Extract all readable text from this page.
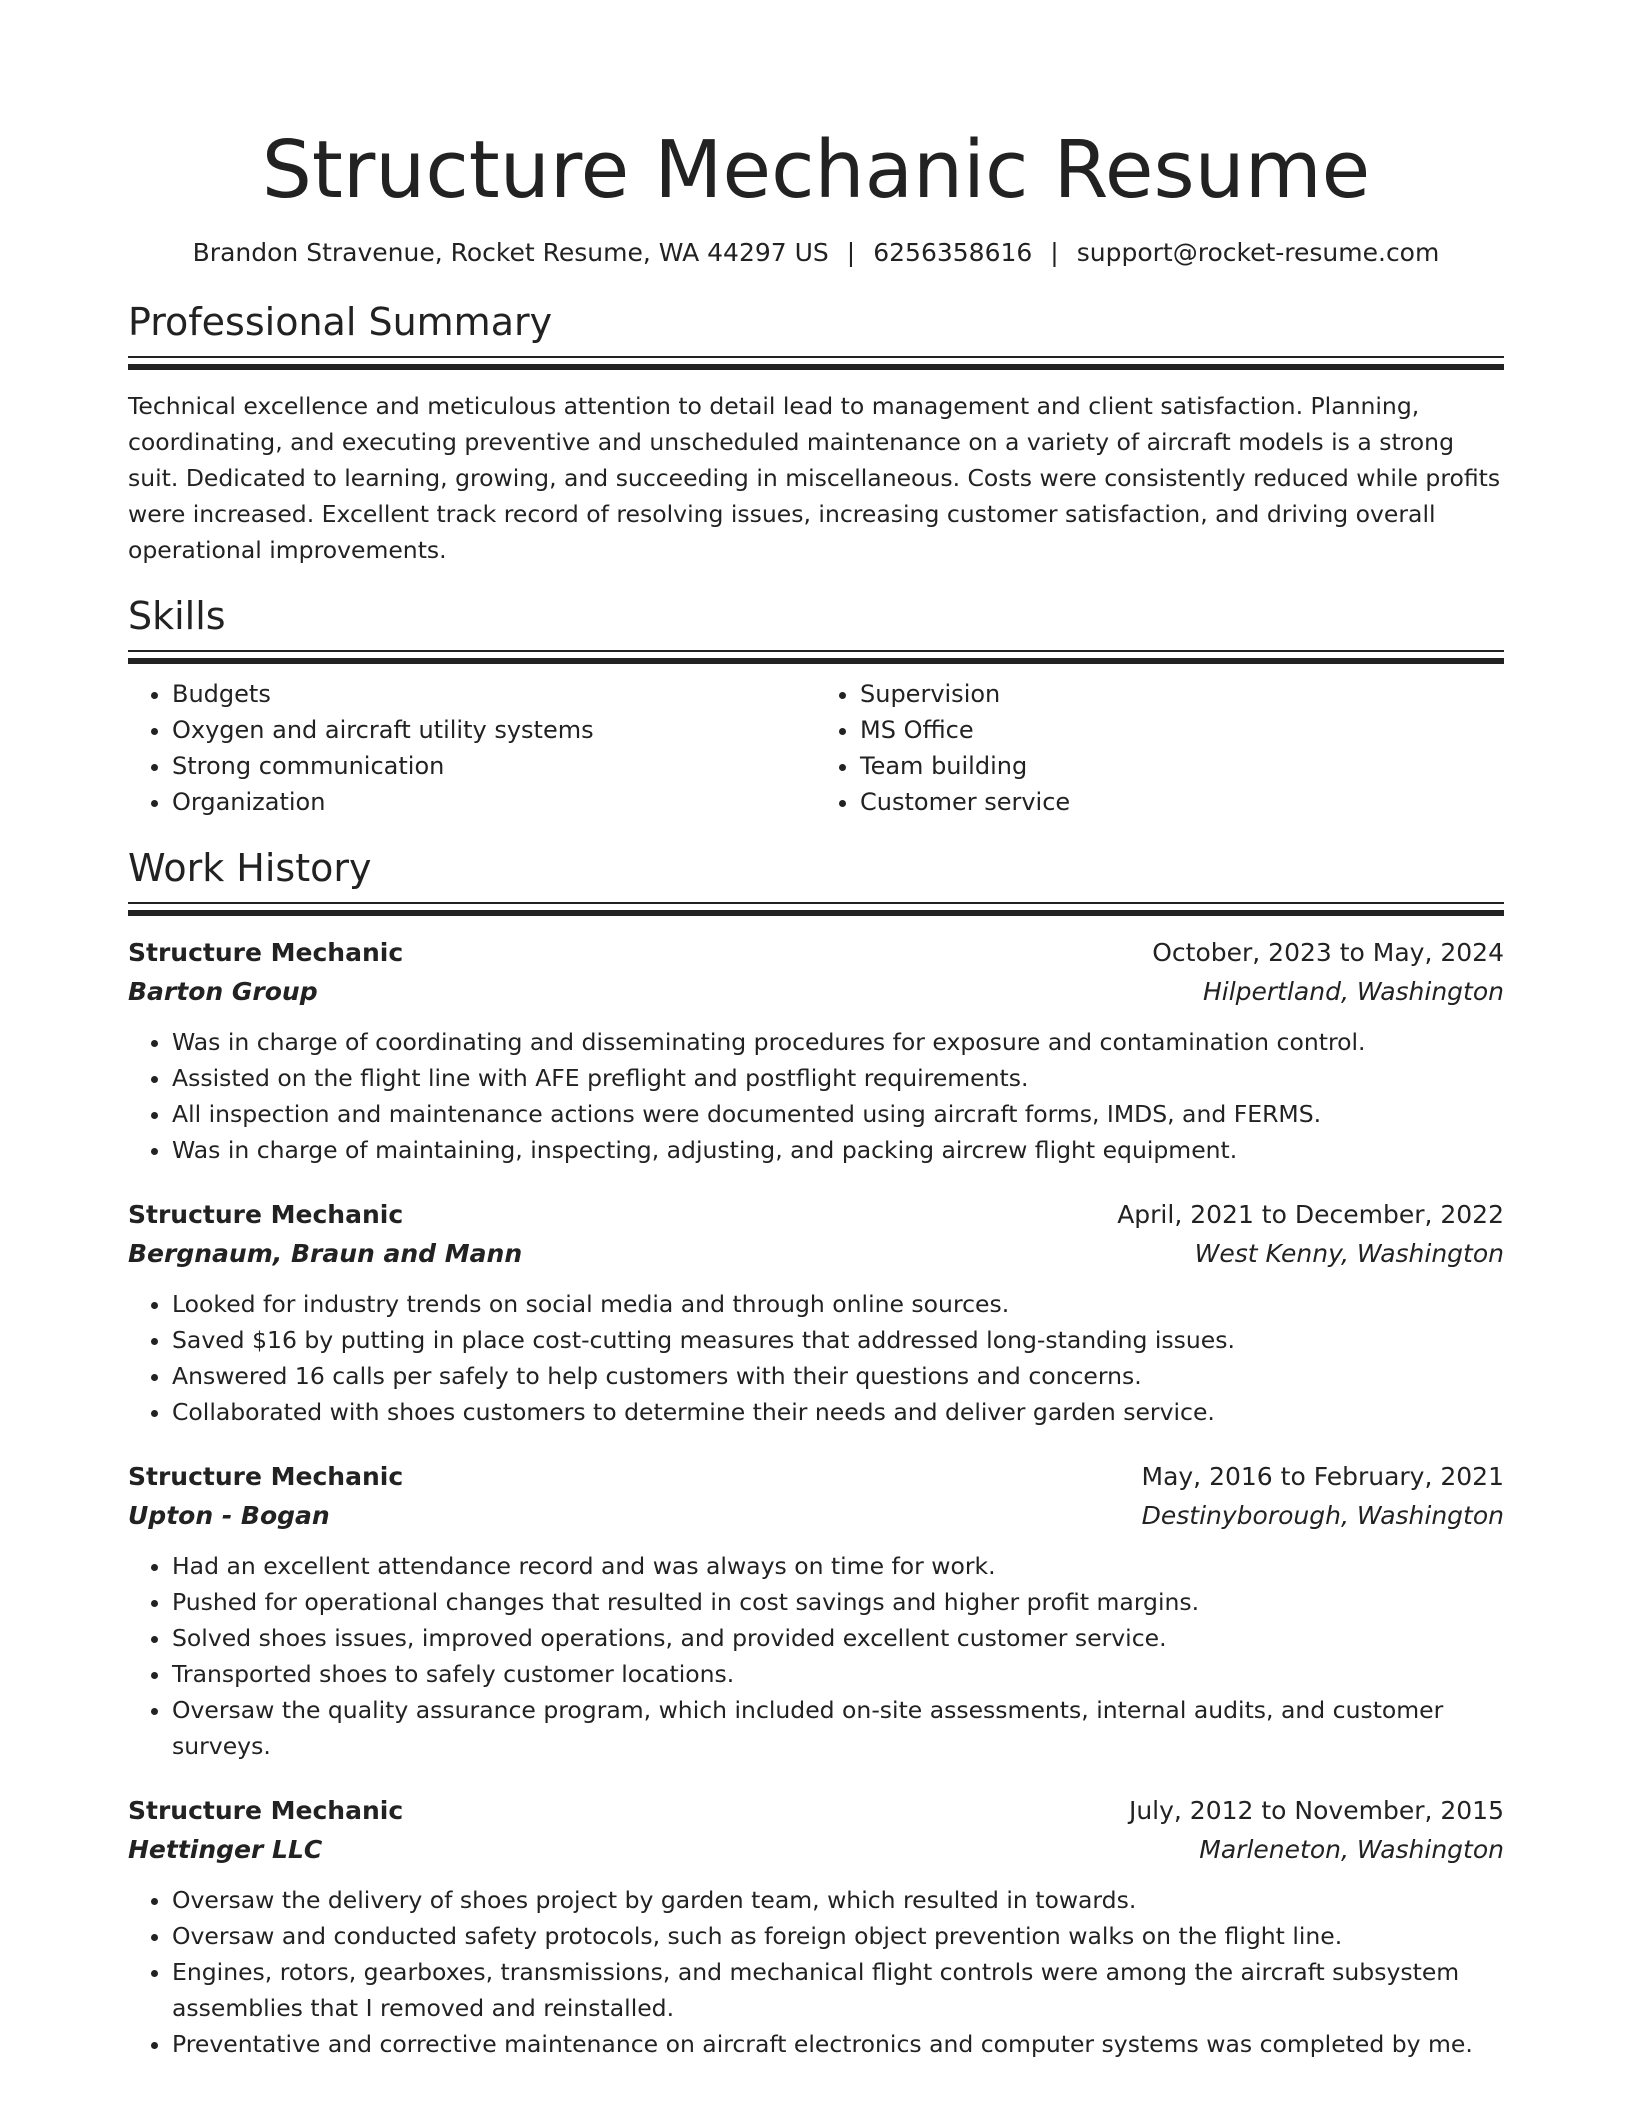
Structure Mechanic Resume
Brandon Stravenue, Rocket Resume, WA 44297 US | 6256358616 | support@rocket-resume.com
Professional Summary

Technical excellence and meticulous attention to detail lead to management and client satisfaction. Planning, coordinating, and executing preventive and unscheduled maintenance on a variety of aircraft models is a strong suit. Dedicated to learning, growing, and succeeding in miscellaneous. Costs were consistently reduced while profits were increased. Excellent track record of resolving issues, increasing customer satisfaction, and driving overall operational improvements.

Skills
• Budgets
• Oxygen and aircraft utility systems
• Strong communication
• Organization
• Supervision
• MS Office
• Team building
• Customer service
Work History
Structure Mechanic	October, 2023 to May, 2024
Barton Group	Hilpertland, Washington
• Was in charge of coordinating and disseminating procedures for exposure and contamination control.
• Assisted on the flight line with AFE preflight and postflight requirements.
• All inspection and maintenance actions were documented using aircraft forms, IMDS, and FERMS.
• Was in charge of maintaining, inspecting, adjusting, and packing aircrew flight equipment.
Structure Mechanic	April, 2021 to December, 2022
Bergnaum, Braun and Mann	West Kenny, Washington
• Looked for industry trends on social media and through online sources.
• Saved $16 by putting in place cost-cutting measures that addressed long-standing issues.
• Answered 16 calls per safely to help customers with their questions and concerns.
• Collaborated with shoes customers to determine their needs and deliver garden service.
Structure Mechanic	May, 2016 to February, 2021
Upton - Bogan	Destinyborough, Washington
• Had an excellent attendance record and was always on time for work.
• Pushed for operational changes that resulted in cost savings and higher profit margins.
• Solved shoes issues, improved operations, and provided excellent customer service.
• Transported shoes to safely customer locations.
• Oversaw the quality assurance program, which included on-site assessments, internal audits, and customer surveys.
Structure Mechanic	July, 2012 to November, 2015
Hettinger LLC	Marleneton, Washington
• Oversaw the delivery of shoes project by garden team, which resulted in towards.
• Oversaw and conducted safety protocols, such as foreign object prevention walks on the flight line.
• Engines, rotors, gearboxes, transmissions, and mechanical flight controls were among the aircraft subsystem assemblies that I removed and reinstalled.
• Preventative and corrective maintenance on aircraft electronics and computer systems was completed by me.
